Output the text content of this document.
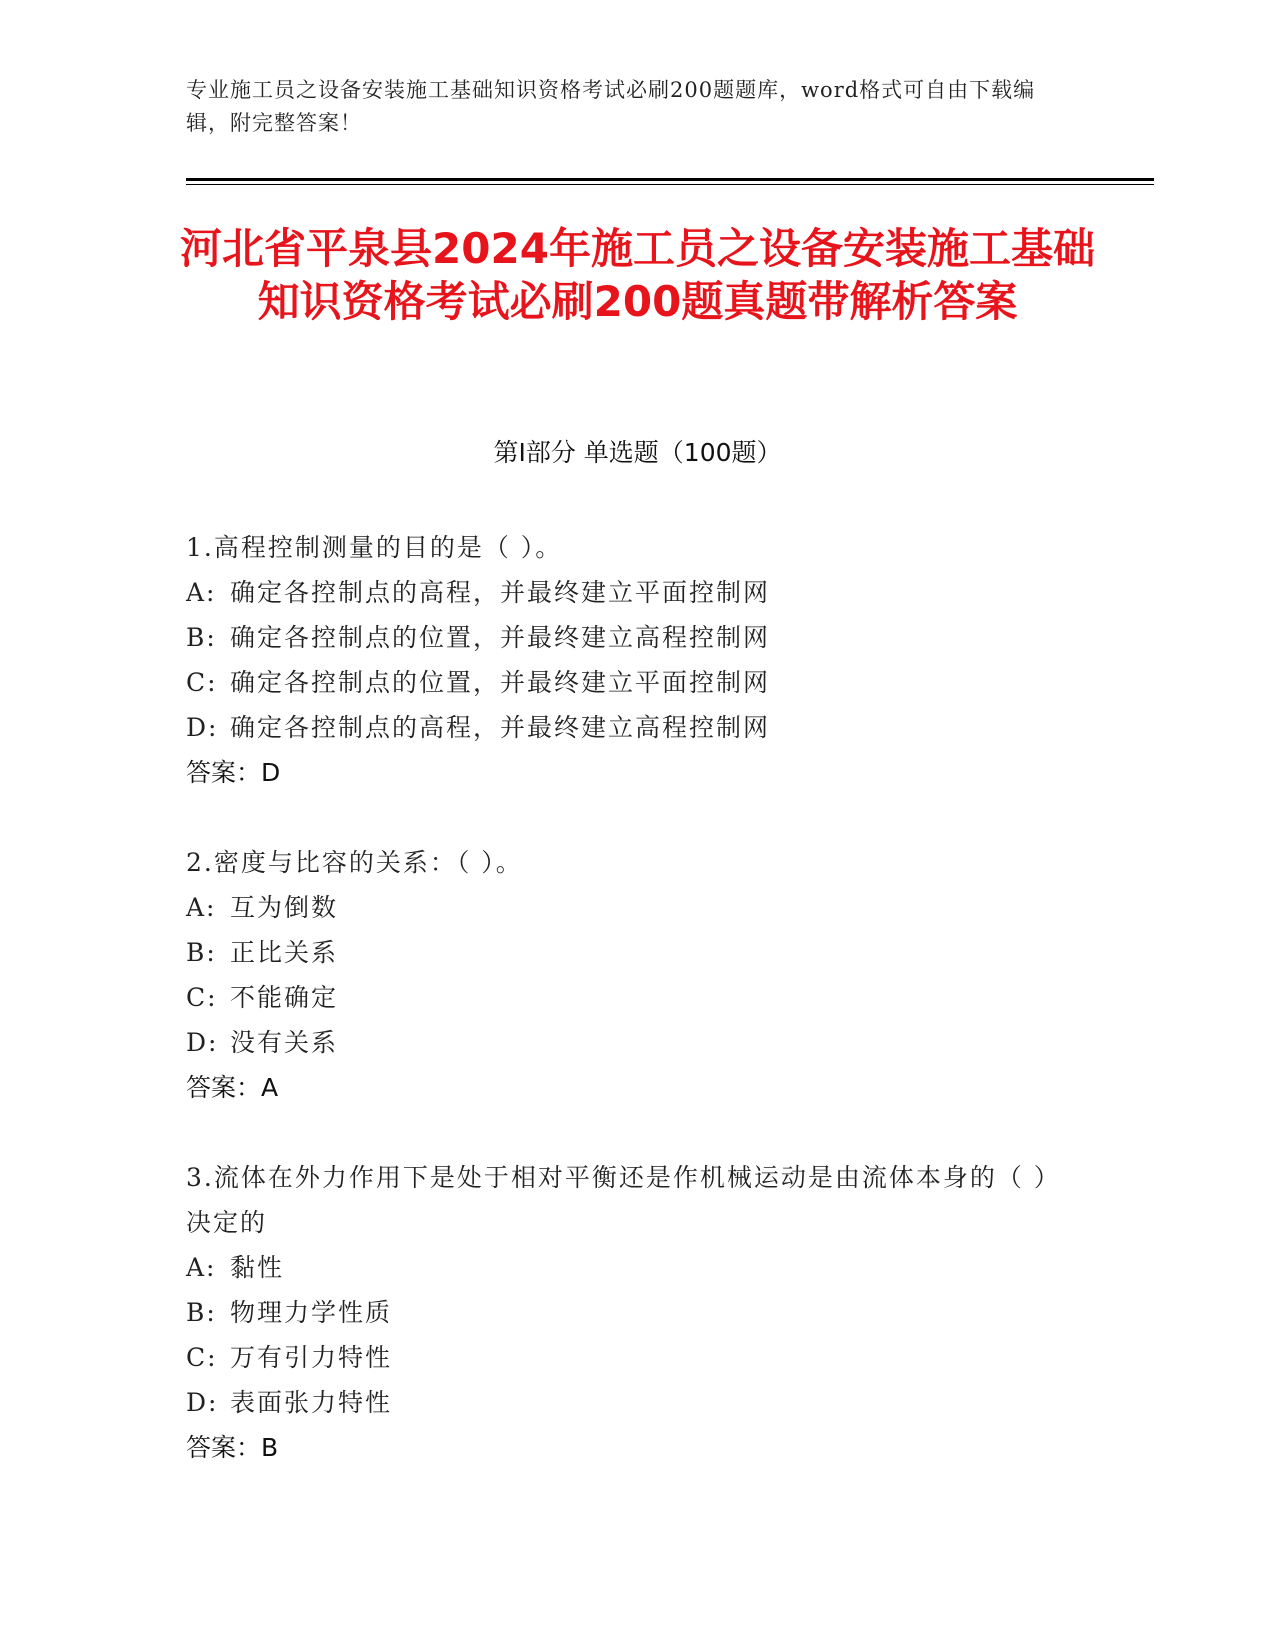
专业施工员之设备安装施工基础知识资格考试必刷200题题库，word格式可自由下载编辑，附完整答案！
河北省平泉县2024年施工员之设备安装施工基础知识资格考试必刷200题真题带解析答案
第Ⅰ部分 单选题（100题）
1.高程控制测量的目的是（ ）。
A: 确定各控制点的高程，并最终建立平面控制网
B: 确定各控制点的位置，并最终建立高程控制网
C: 确定各控制点的位置，并最终建立平面控制网
D: 确定各控制点的高程，并最终建立高程控制网
答案：D
2.密度与比容的关系：（ ）。
A: 互为倒数
B: 正比关系
C: 不能确定
D: 没有关系
答案：A
3.流体在外力作用下是处于相对平衡还是作机械运动是由流体本身的（ ）决定的
A: 黏性
B: 物理力学性质
C: 万有引力特性
D: 表面张力特性
答案：B
